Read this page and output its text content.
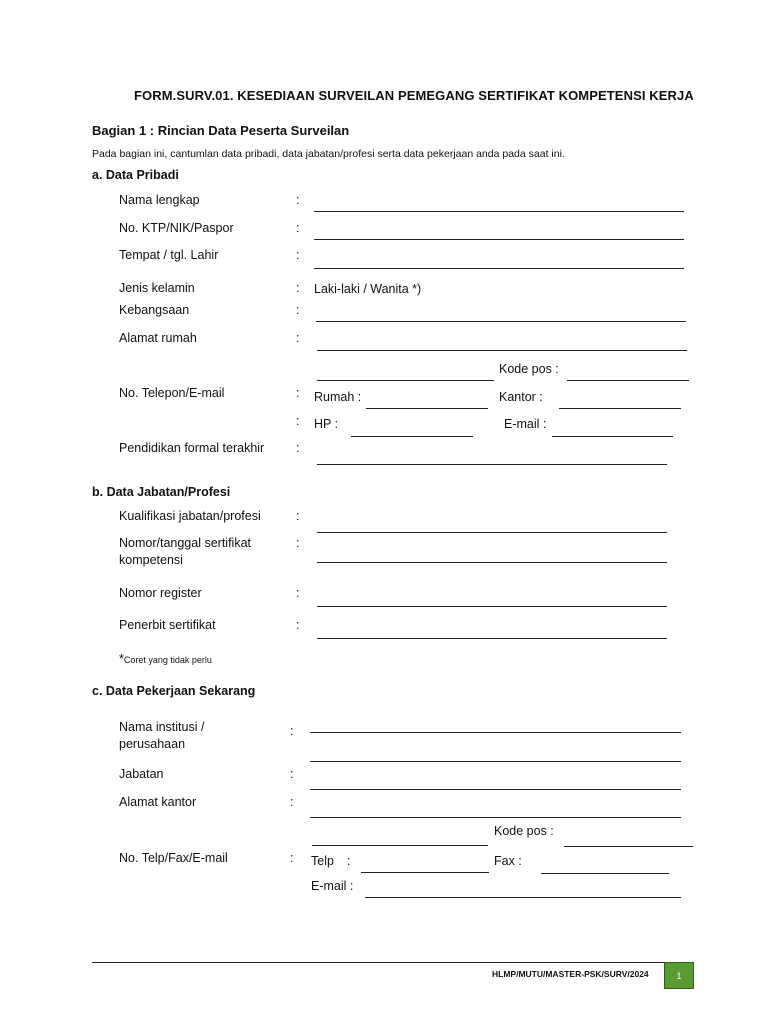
FORM.SURV.01. KESEDIAAN SURVEILAN PEMEGANG SERTIFIKAT KOMPETENSI KERJA
Bagian 1 : Rincian Data Peserta Surveilan
Pada bagian ini, cantumlan data pribadi, data jabatan/profesi serta data pekerjaan anda pada saat ini.
a. Data Pribadi
Nama lengkap	:
No. KTP/NIK/Paspor	:
Tempat / tgl. Lahir	:
Jenis kelamin	: Laki-laki / Wanita *)
Kebangsaan	:
Alamat rumah	:
Kode pos :
No. Telepon/E-mail	: Rumah :	Kantor :
: HP :	E-mail :
Pendidikan formal terakhir	:
b. Data Jabatan/Profesi
Kualifikasi jabatan/profesi	:
Nomor/tanggal sertifikat
kompetensi
:
Nomor register	:
Penerbit sertifikat	:
*Coret yang tidak perlu
c. Data Pekerjaan Sekarang
Nama institusi /
perusahaan
:
Jabatan	:
Alamat kantor	:
Kode pos :
No. Telp/Fax/E-mail	: Telp :	Fax :
E-mail :
HLMP/MUTU/MASTER-PSK/SURV/2024	1
